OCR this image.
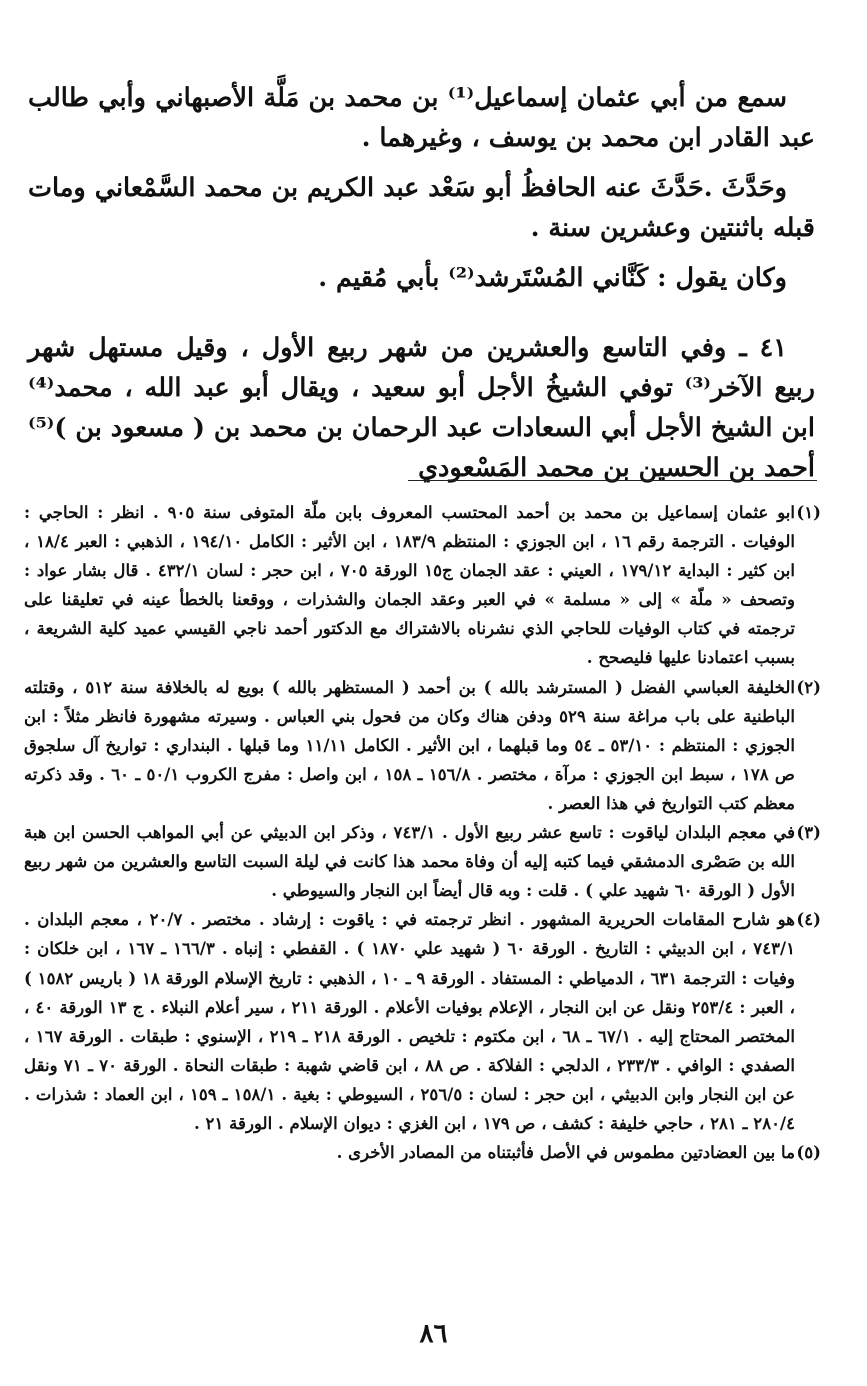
سمع من أبي عثمان إسماعيل⁽¹⁾ بن محمد بن مَلَّة الأصبهاني وأبي طالب عبد القادر ابن محمد بن يوسف ، وغيرهما .

وحَدَّثَ .حَدَّثَ عنه الحافظُ أبو سَعْد عبد الكريم بن محمد السَّمْعاني ومات قبله باثنتين وعشرين سنة .

وكان يقول : كَنَّاني المُسْتَرشد⁽²⁾ بأبي مُقيم .

٤١ ـ وفي التاسع والعشرين من شهر ربيع الأول ، وقيل مستهل شهر ربيع الآخر⁽³⁾ توفي الشيخُ الأجل أبو سعيد ، ويقال أبو عبد الله ، محمد⁽⁴⁾ ابن الشيخ الأجل أبي السعادات عبد الرحمان بن محمد بن ( مسعود بن )⁽⁵⁾ أحمد بن الحسين بن محمد المَسْعودي

(١)
ابو عثمان إسماعيل بن محمد بن أحمد المحتسب المعروف بابن ملّة المتوفى سنة ٩٠٥ . انظر : الحاجي : الوفيات . الترجمة رقم ١٦ ، ابن الجوزي : المنتظم ١٨٣/٩ ، ابن الأثير : الكامل ١٩٤/١٠ ، الذهبي : العبر ١٨/٤ ، ابن كثير : البداية ١٧٩/١٢ ، العيني : عقد الجمان ج١٥ الورقة ٧٠٥ ، ابن حجر : لسان ٤٣٢/١ . قال بشار عواد : وتصحف « ملّة » إلى « مسلمة » في العبر وعقد الجمان والشذرات ، ووقعنا بالخطأ عينه في تعليقنا على ترجمته في كتاب الوفيات للحاجي الذي نشرناه بالاشتراك مع الدكتور أحمد ناجي القيسي عميد كلية الشريعة ، بسبب اعتمادنا عليها فليصحح .
(٢)
الخليفة العباسي الفضل ( المسترشد بالله ) بن أحمد ( المستظهر بالله ) بويع له بالخلافة سنة ٥١٢ ، وقتلته الباطنية على باب مراغة سنة ٥٢٩ ودفن هناك وكان من فحول بني العباس . وسيرته مشهورة فانظر مثلاً : ابن الجوزي : المنتظم : ٥٣/١٠ ـ ٥٤ وما قبلهما ، ابن الأثير . الكامل ١١/١١ وما قبلها . البنداري : تواريخ آل سلجوق ص ١٧٨ ، سبط ابن الجوزي : مرآة ، مختصر . ١٥٦/٨ ـ ١٥٨ ، ابن واصل : مفرج الكروب ٥٠/١ ـ ٦٠ . وقد ذكرته معظم كتب التواريخ في هذا العصر .
(٣)
في معجم البلدان لياقوت : تاسع عشر ربيع الأول . ٧٤٣/١ ، وذكر ابن الدبيثي عن أبي المواهب الحسن ابن هبة الله بن صَصْرى الدمشقي فيما كتبه إليه أن وفاة محمد هذا كانت في ليلة السبت التاسع والعشرين من شهر ربيع الأول ( الورقة ٦٠ شهيد علي ) . قلت : وبه قال أيضاً ابن النجار والسيوطي .
(٤)
هو شارح المقامات الحريرية المشهور . انظر ترجمته في : ياقوت : إرشاد . مختصر . ٢٠/٧ ، معجم البلدان . ٧٤٣/١ ، ابن الدبيثي : التاريخ . الورقة ٦٠ ( شهيد علي ١٨٧٠ ) . القفطي : إنباه . ١٦٦/٣ ـ ١٦٧ ، ابن خلكان : وفيات : الترجمة ٦٣١ ، الدمياطي : المستفاد . الورقة ٩ ـ ١٠ ، الذهبي : تاريخ الإسلام الورقة ١٨ ( باريس ١٥٨٢ ) ، العبر : ٢٥٣/٤ ونقل عن ابن النجار ، الإعلام بوفيات الأعلام . الورقة ٢١١ ، سير أعلام النبلاء . ج ١٣ الورقة ٤٠ ، المختصر المحتاج إليه . ٦٧/١ ـ ٦٨ ، ابن مكتوم : تلخيص . الورقة ٢١٨ ـ ٢١٩ ، الإسنوي : طبقات . الورقة ١٦٧ ، الصفدي : الوافي . ٢٣٣/٣ ، الدلجي : الفلاكة . ص ٨٨ ، ابن قاضي شهبة : طبقات النحاة . الورقة ٧٠ ـ ٧١ ونقل عن ابن النجار وابن الدبيثي ، ابن حجر : لسان : ٢٥٦/٥ ، السيوطي : بغية . ١٥٨/١ ـ ١٥٩ ، ابن العماد : شذرات . ٢٨٠/٤ ـ ٢٨١ ، حاجي خليفة : كشف ، ص ١٧٩ ، ابن الغزي : ديوان الإسلام . الورقة ٢١ .
(٥)
ما بين العضادتين مطموس في الأصل فأثبتناه من المصادر الأخرى .
٨٦
